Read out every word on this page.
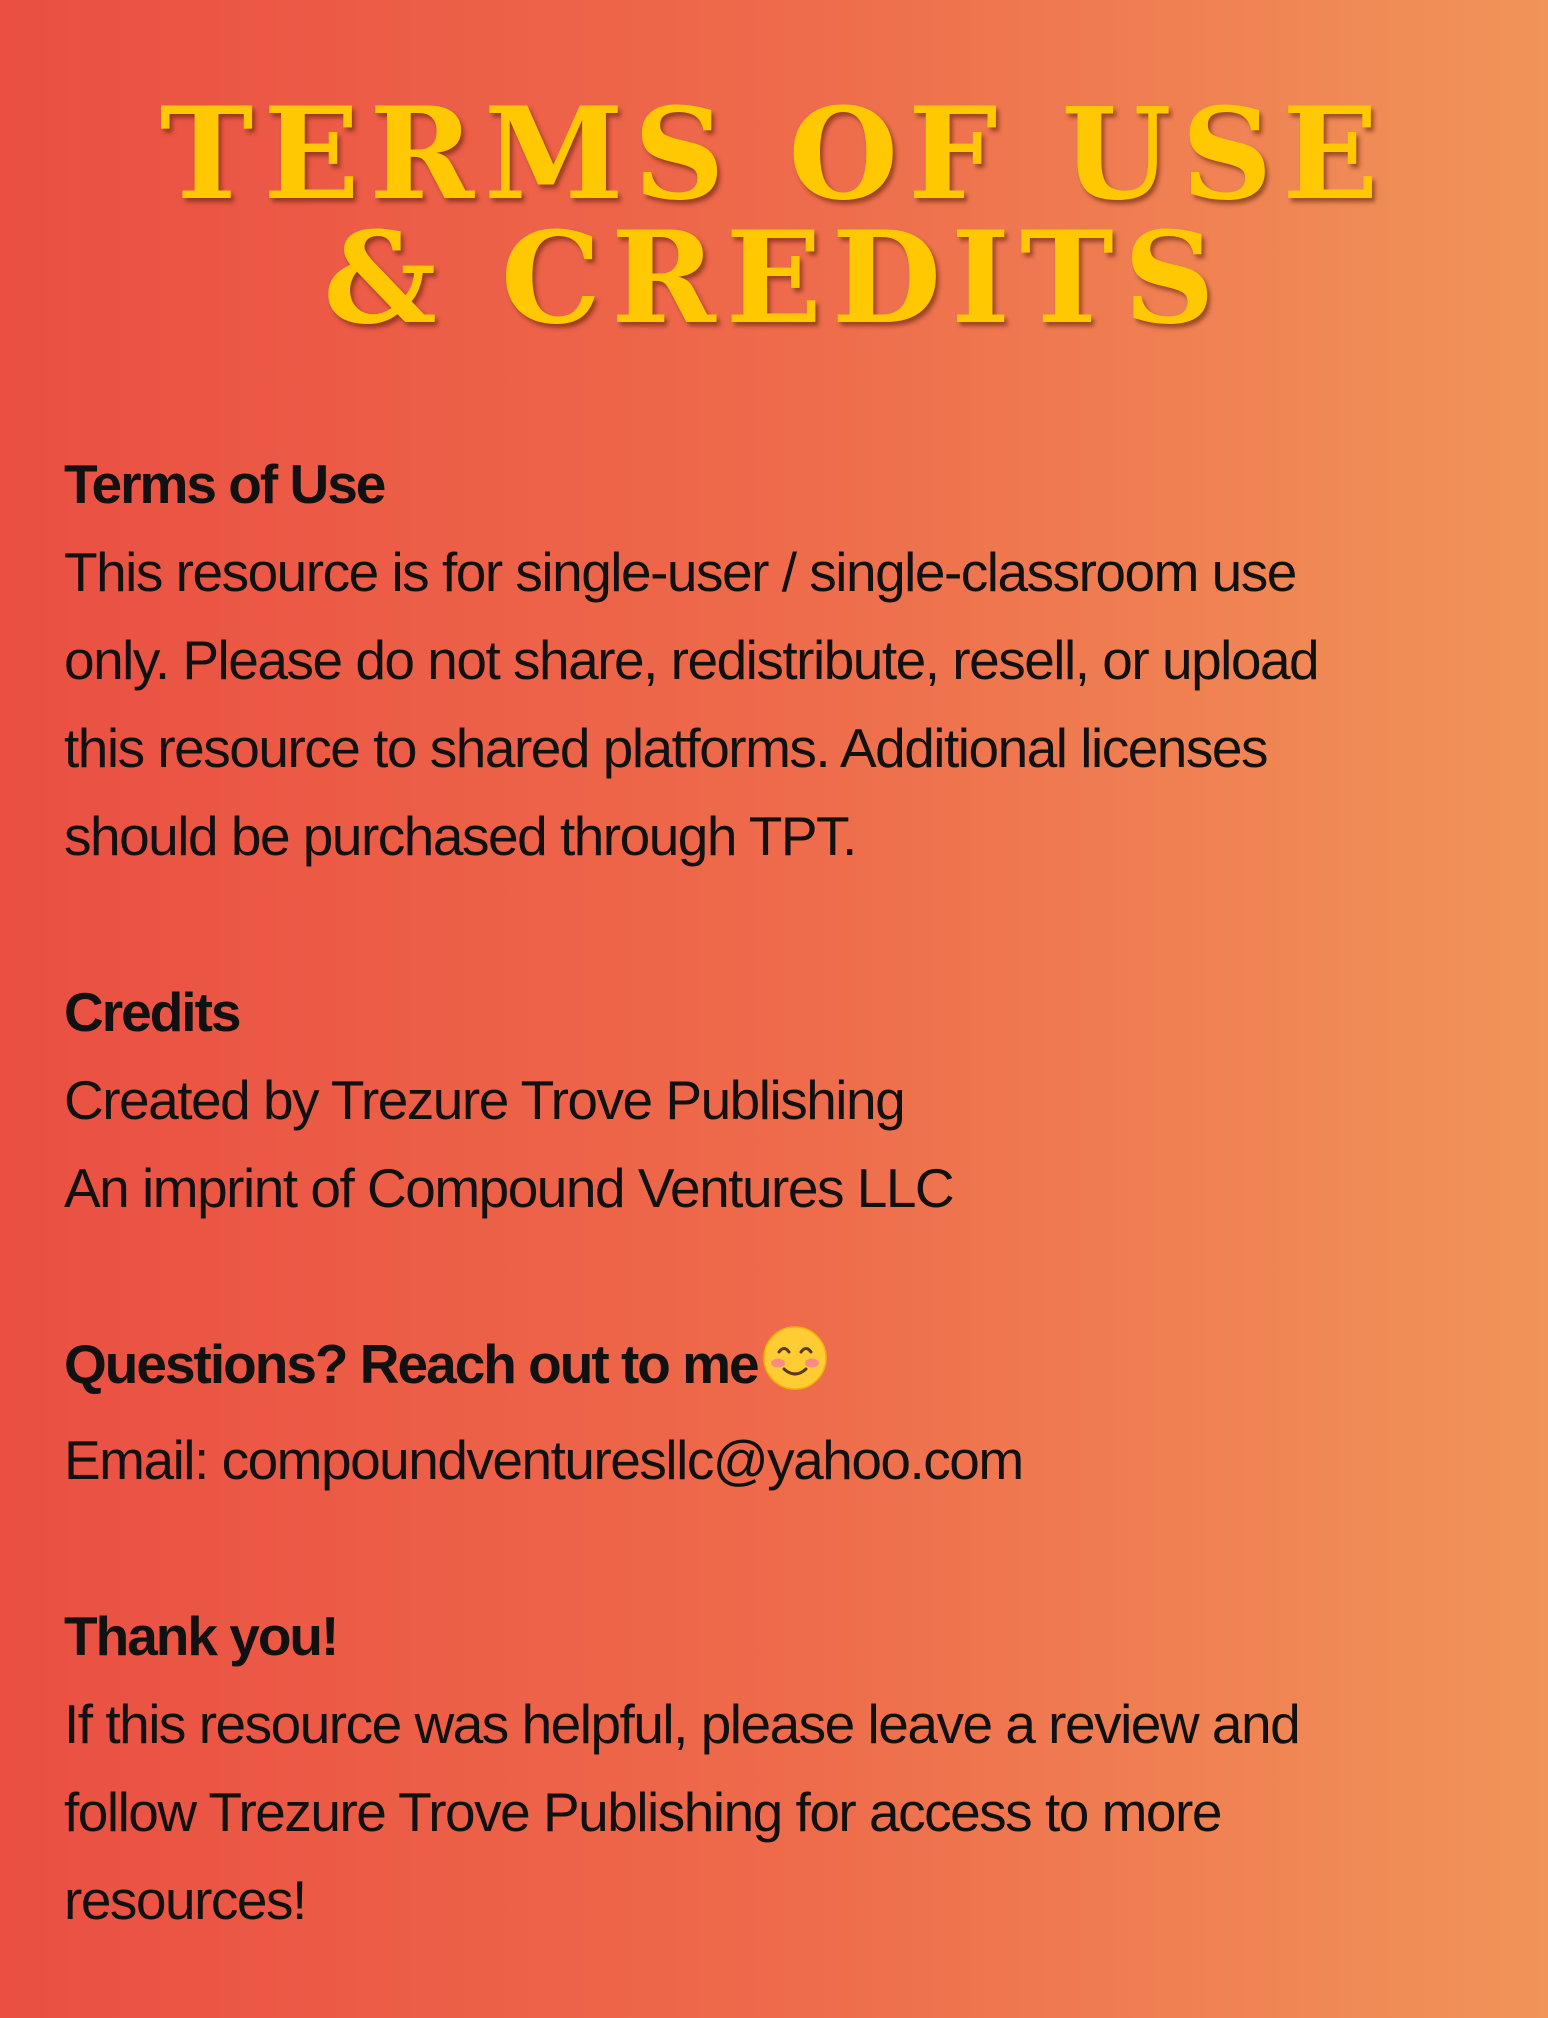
TERMS OF USE
& CREDITS

Terms of Use

This resource is for single-user / single-classroom use

only. Please do not share, redistribute, resell, or upload

this resource to shared platforms. Additional licenses

should be purchased through TPT.

Credits

Created by Trezure Trove Publishing

An imprint of Compound Ventures LLC

Questions? Reach out to me

Email: compoundventuresllc@yahoo.com

Thank you!

If this resource was helpful, please leave a review and

follow Trezure Trove Publishing for access to more

resources!
